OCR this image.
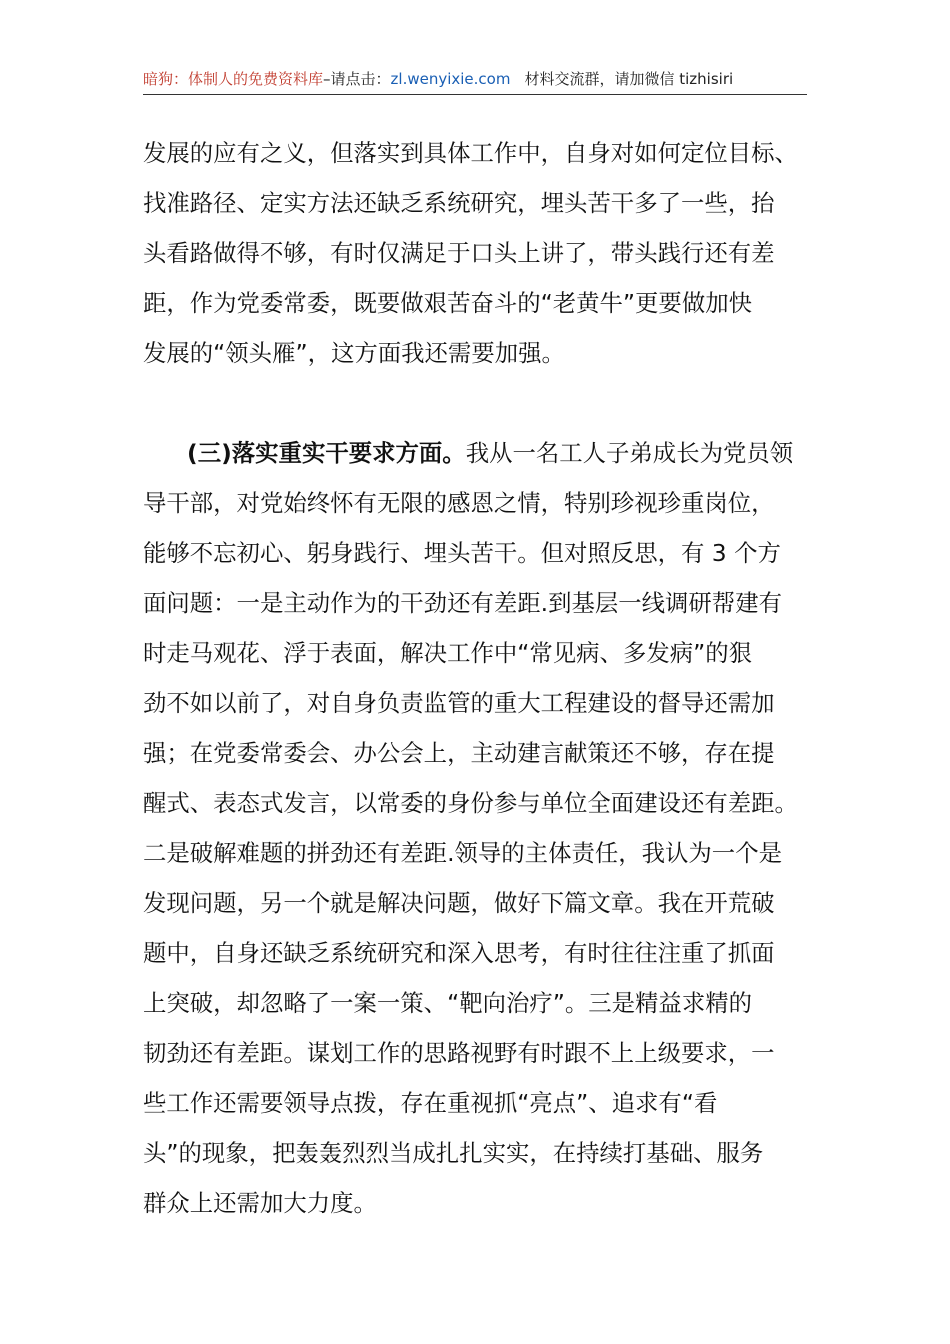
暗狗：体制人的免费资料库–请点击：zl.wenyixie.com 材料交流群，请加微信 tizhisiri
发展的应有之义，但落实到具体工作中，自身对如何定位目标、
找准路径、定实方法还缺乏系统研究，埋头苦干多了一些，抬
头看路做得不够，有时仅满足于口头上讲了，带头践行还有差
距，作为党委常委，既要做艰苦奋斗的“老黄牛”更要做加快
发展的“领头雁”，这方面我还需要加强。
(三)落实重实干要求方面。我从一名工人子弟成长为党员领
导干部，对党始终怀有无限的感恩之情，特别珍视珍重岗位，
能够不忘初心、躬身践行、埋头苦干。但对照反思，有 3 个方
面问题：一是主动作为的干劲还有差距.到基层一线调研帮建有
时走马观花、浮于表面，解决工作中“常见病、多发病”的狠
劲不如以前了，对自身负责监管的重大工程建设的督导还需加
强；在党委常委会、办公会上，主动建言献策还不够，存在提
醒式、表态式发言，以常委的身份参与单位全面建设还有差距。
二是破解难题的拼劲还有差距.领导的主体责任，我认为一个是
发现问题，另一个就是解决问题，做好下篇文章。我在开荒破
题中，自身还缺乏系统研究和深入思考，有时往往注重了抓面
上突破，却忽略了一案一策、“靶向治疗”。三是精益求精的
韧劲还有差距。谋划工作的思路视野有时跟不上上级要求，一
些工作还需要领导点拨，存在重视抓“亮点”、追求有“看
头”的现象，把轰轰烈烈当成扎扎实实，在持续打基础、服务
群众上还需加大力度。
